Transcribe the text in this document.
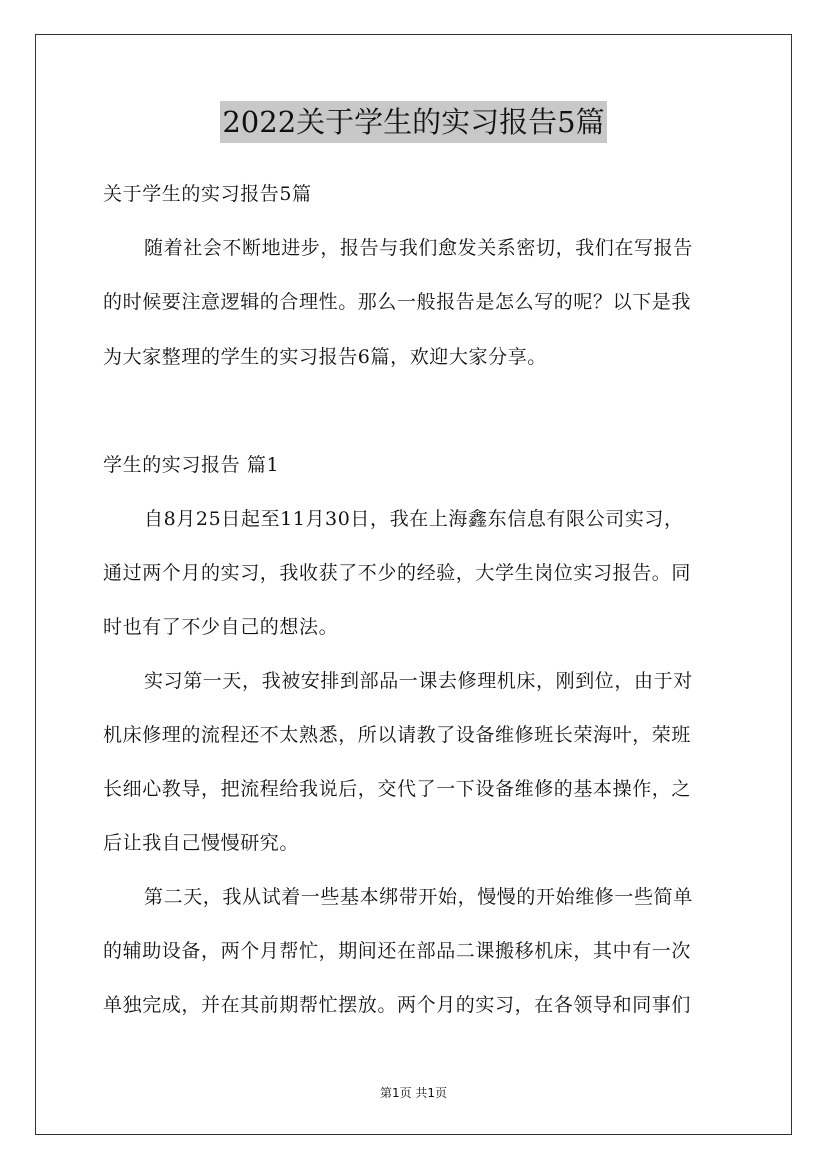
2022关于学生的实习报告5篇
关于学生的实习报告5篇
随着社会不断地进步，报告与我们愈发关系密切，我们在写报告
的时候要注意逻辑的合理性。那么一般报告是怎么写的呢？以下是我
为大家整理的学生的实习报告6篇，欢迎大家分享。
学生的实习报告 篇1
自8月25日起至11月30日，我在上海鑫东信息有限公司实习，
通过两个月的实习，我收获了不少的经验，大学生岗位实习报告。同
时也有了不少自己的想法。
实习第一天，我被安排到部品一课去修理机床，刚到位，由于对
机床修理的流程还不太熟悉，所以请教了设备维修班长荣海叶，荣班
长细心教导，把流程给我说后，交代了一下设备维修的基本操作，之
后让我自己慢慢研究。
第二天，我从试着一些基本绑带开始，慢慢的开始维修一些简单
的辅助设备，两个月帮忙，期间还在部品二课搬移机床，其中有一次
单独完成，并在其前期帮忙摆放。两个月的实习，在各领导和同事们
第1页 共1页
